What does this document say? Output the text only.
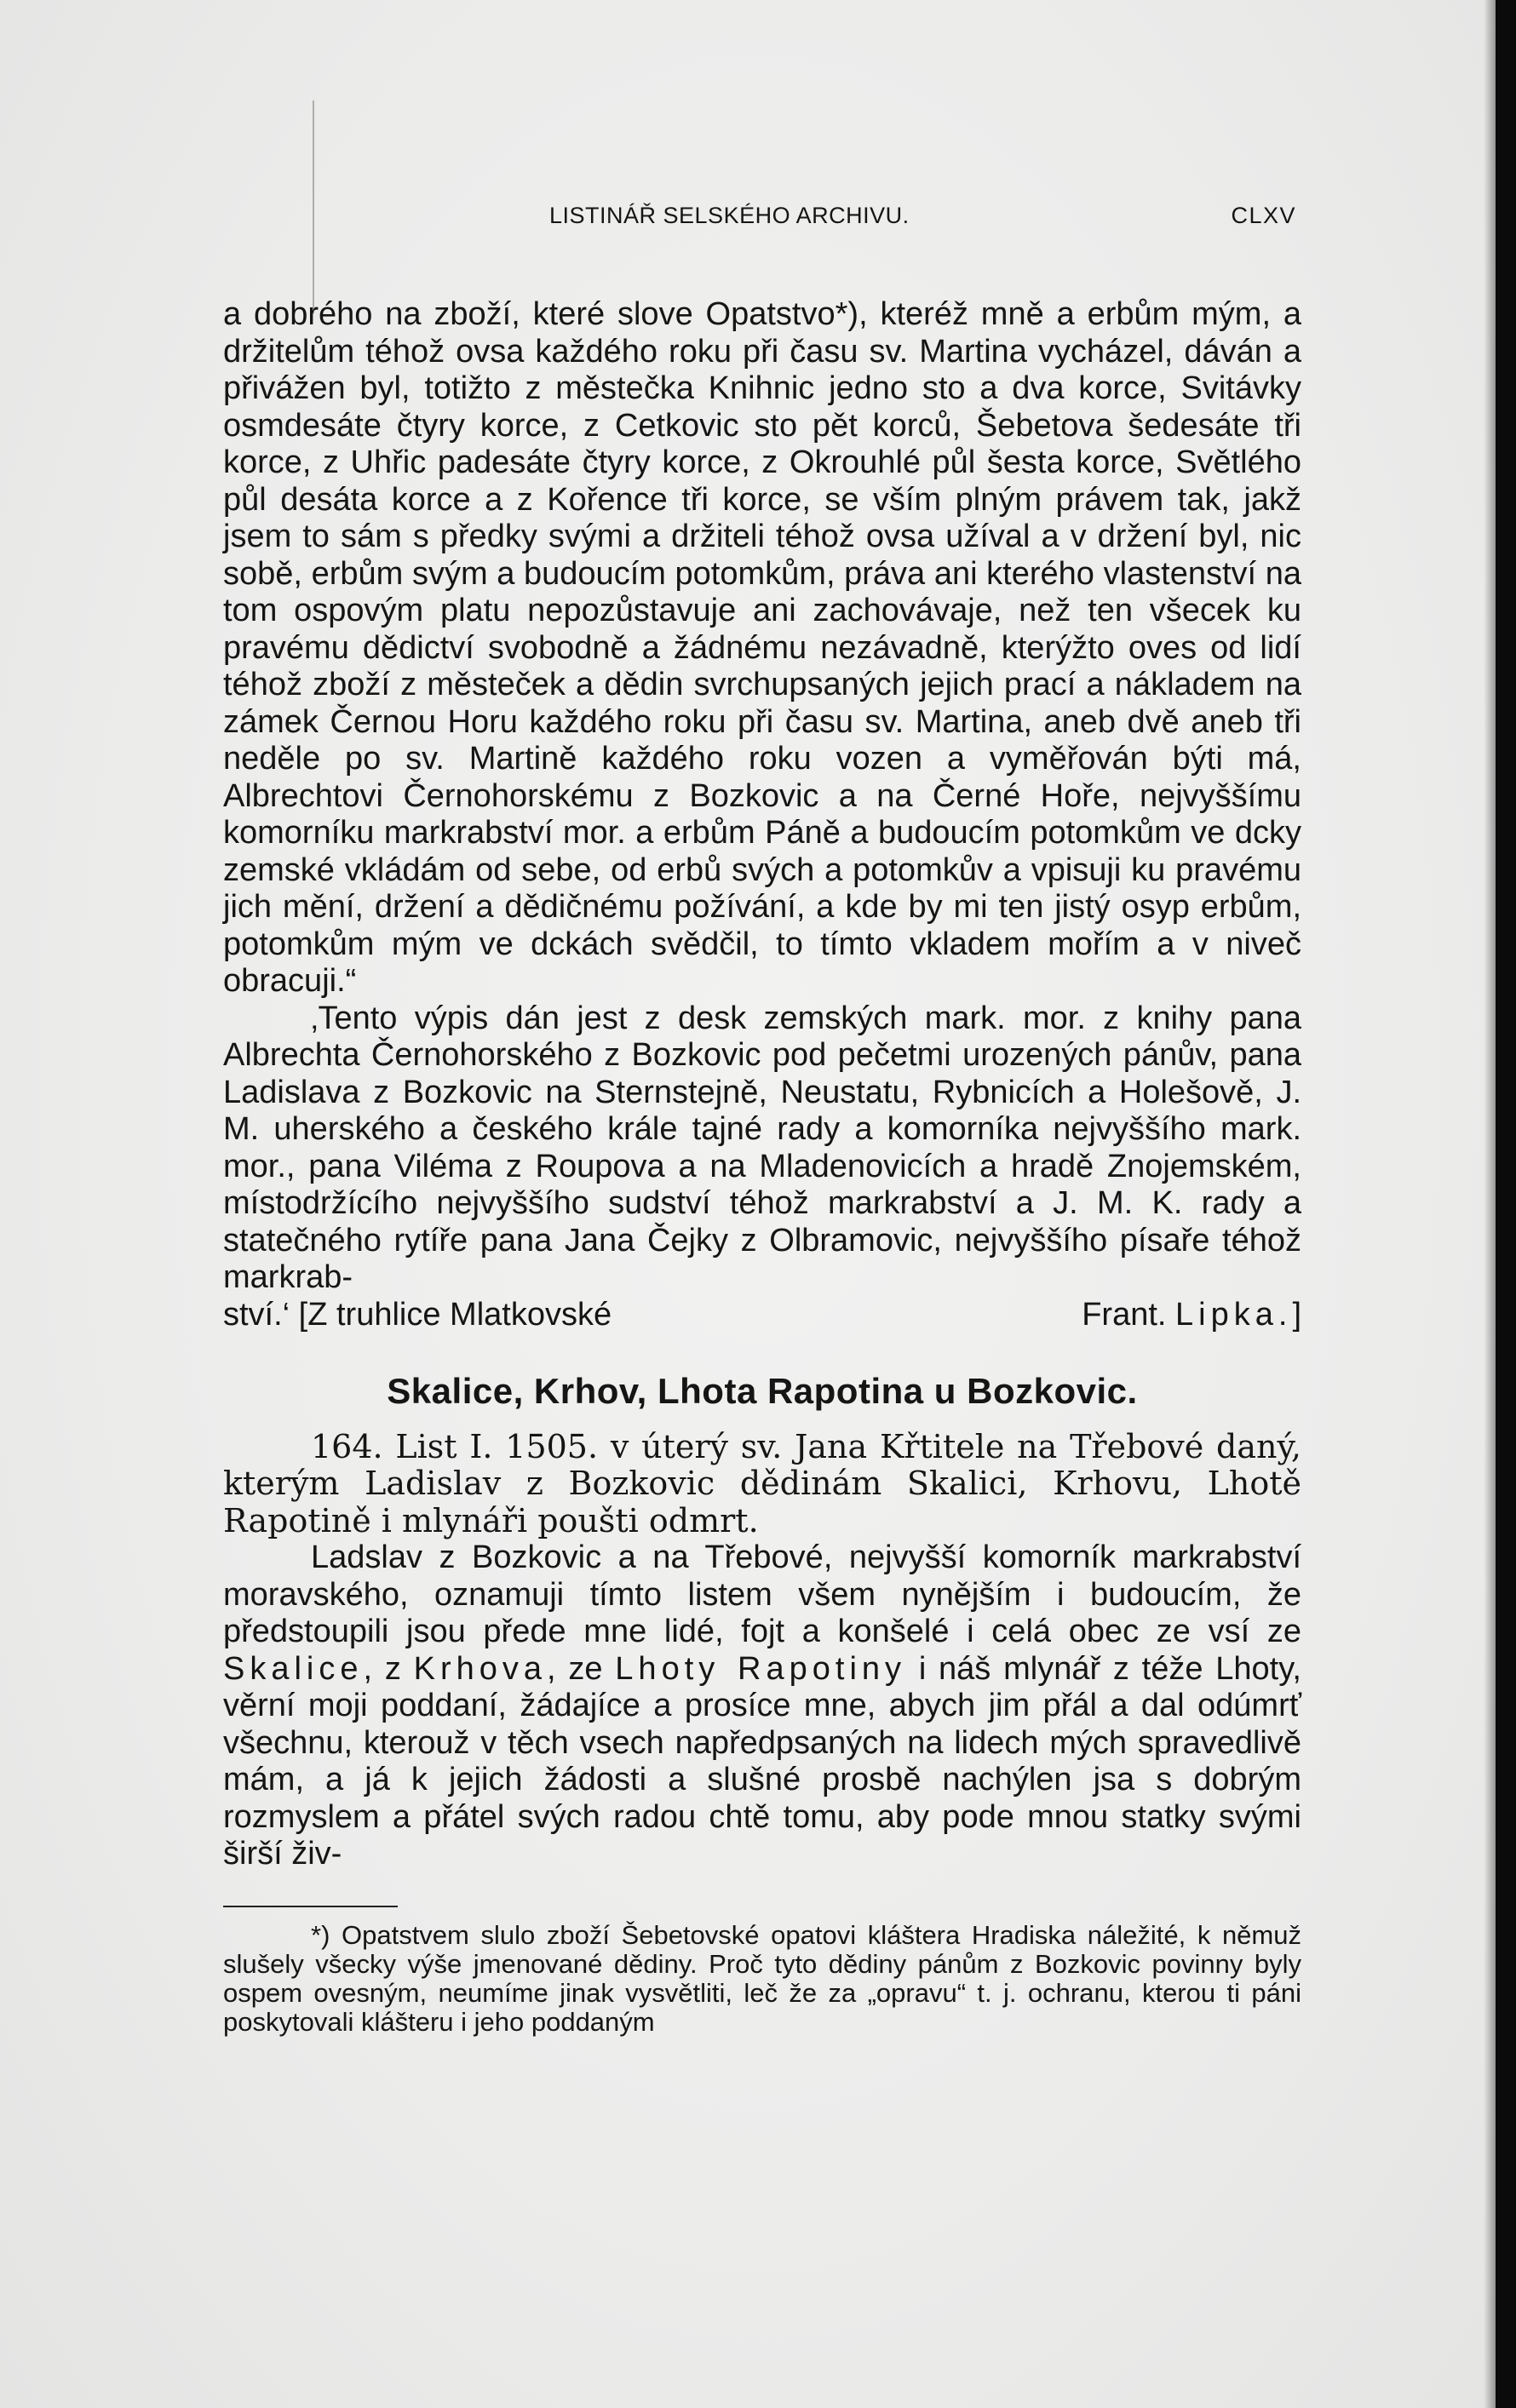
LISTINÁŘ SELSKÉHO ARCHIVU.	CLXV

a dobrého na zboží, které slove Opatstvo*), kteréž mně a erbům mým, a držitelům téhož ovsa každého roku při času sv. Martina vycházel, dáván a přivážen byl, totižto z městečka Knihnic jedno sto a dva korce, Svitávky osmdesáte čtyry korce, z Cetkovic sto pět korců, Šebetova šedesáte tři korce, z Uhřic padesáte čtyry korce, z Okrouhlé půl šesta korce, Světlého půl desáta korce a z Kořence tři korce, se vším plným právem tak, jakž jsem to sám s předky svými a držiteli téhož ovsa užíval a v držení byl, nic sobě, erbům svým a budoucím potomkům, práva ani kterého vlastenství na tom ospovým platu nepozůstavuje ani zachovávaje, než ten všecek ku pravému dědictví svobodně a žádnému nezávadně, kterýžto oves od lidí téhož zboží z městeček a dědin svrchupsaných jejich prací a nákladem na zámek Černou Horu každého roku při času sv. Martina, aneb dvě aneb tři neděle po sv. Martině každého roku vozen a vyměřován býti má, Albrechtovi Černohorskému z Bozkovic a na Černé Hoře, nejvyššímu komorníku markrabství mor. a erbům Páně a budoucím potomkům ve dcky zemské vkládám od sebe, od erbů svých a potomkův a vpisuji ku pravému jich mění, držení a dědičnému požívání, a kde by mi ten jistý osyp erbům, potomkům mým ve dckách svědčil, to tímto vkladem mořím a v niveč obracuji.“

‚Tento výpis dán jest z desk zemských mark. mor. z knihy pana Albrechta Černohorského z Bozkovic pod pečetmi urozených pánův, pana Ladislava z Bozkovic na Sternstejně, Neustatu, Rybnicích a Holešově, J. M. uherského a českého krále tajné rady a komorníka nejvyššího mark. mor., pana Viléma z Roupova a na Mladenovicích a hradě Znojemském, místodržícího nejvyššího sudství téhož markrabství a J. M. K. rady a statečného rytíře pana Jana Čejky z Olbramovic, nejvyššího písaře téhož markrab-

ství.‘ [Z truhlice Mlatkovské	Frant. Lipka.]
Skalice, Krhov, Lhota Rapotina u Bozkovic.

164. List I. 1505. v úterý sv. Jana Křtitele na Třebové daný, kterým Ladislav z Bozkovic dědinám Skalici, Krhovu, Lhotě Rapotině i mlynáři poušti odmrt.

Ladslav z Bozkovic a na Třebové, nejvyšší komorník markrabství moravského, oznamuji tímto listem všem nynějším i budoucím, že předstoupili jsou přede mne lidé, fojt a konšelé i celá obec ze vsí ze Skalice, z Krhova, ze Lhoty Rapotiny i náš mlynář z téže Lhoty, věrní moji poddaní, žádajíce a prosíce mne, abych jim přál a dal odúmrť všechnu, kterouž v těch vsech napředpsaných na lidech mých spravedlivě mám, a já k jejich žádosti a slušné prosbě nachýlen jsa s dobrým rozmyslem a přátel svých radou chtě tomu, aby pode mnou statky svými širší živ-

*) Opatstvem slulo zboží Šebetovské opatovi kláštera Hradiska náležité, k němuž slušely všecky výše jmenované dědiny. Proč tyto dědiny pánům z Bozkovic povinny byly ospem ovesným, neumíme jinak vysvětliti, leč že za „opravu“ t. j. ochranu, kterou ti páni poskytovali klášteru i jeho poddaným
